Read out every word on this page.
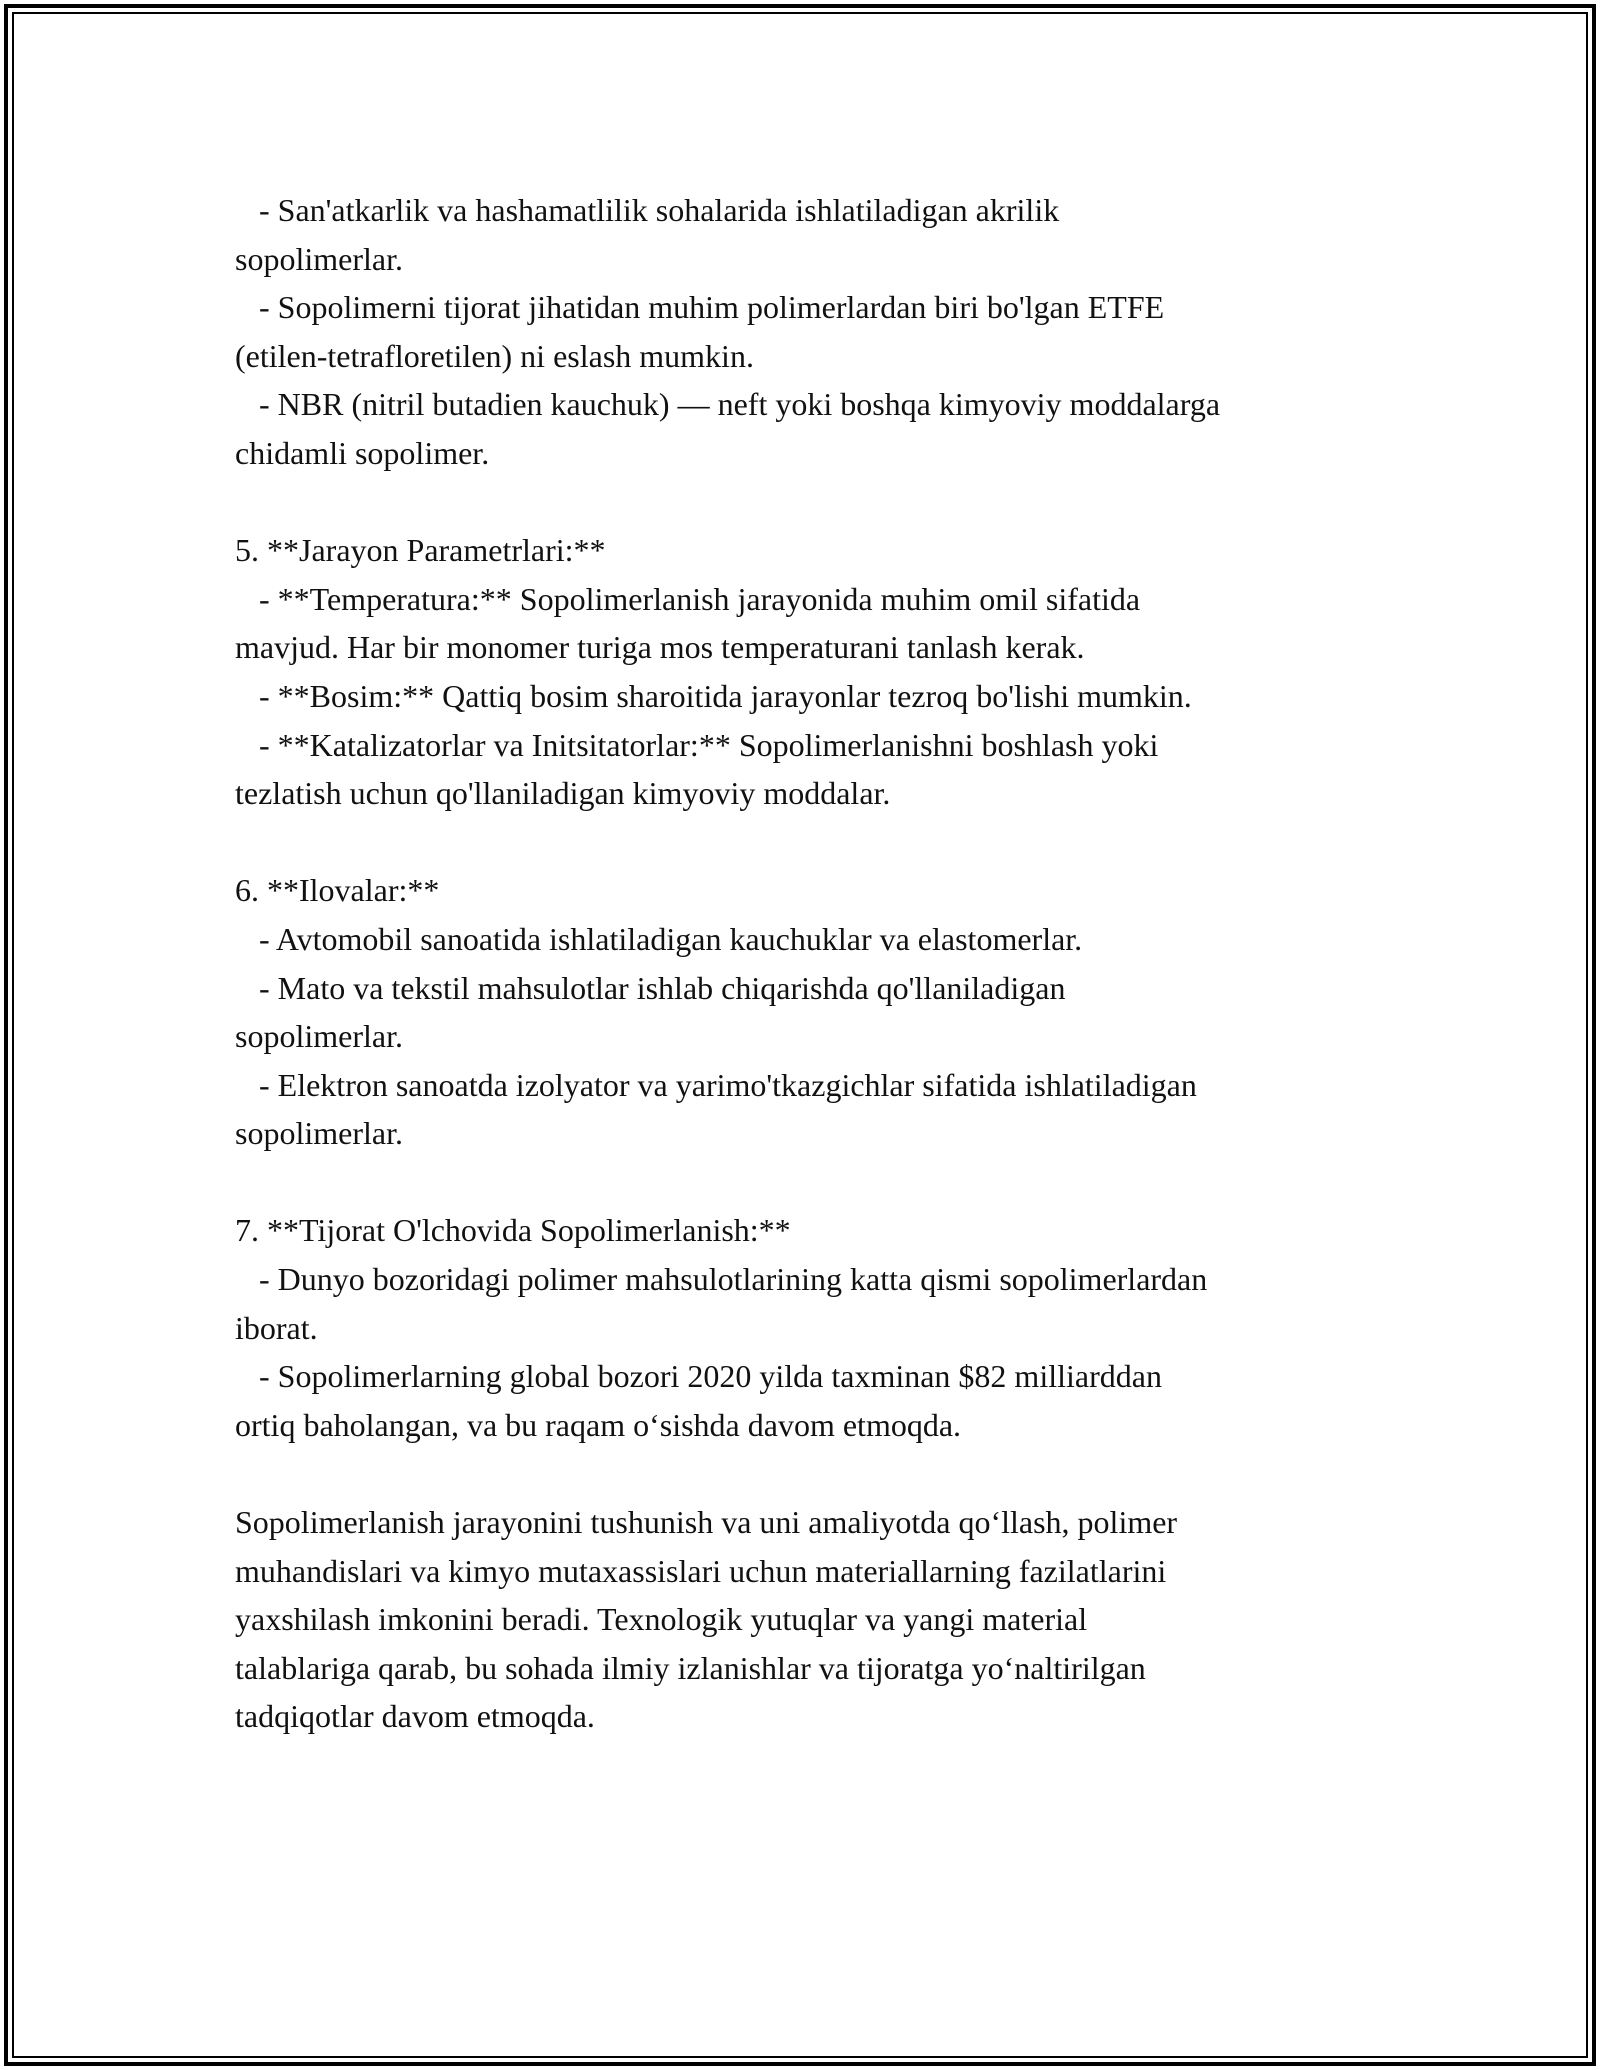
- San'atkarlik va hashamatlilik sohalarida ishlatiladigan akrilik
sopolimerlar.
- Sopolimerni tijorat jihatidan muhim polimerlardan biri bo'lgan ETFE
(etilen-tetrafloretilen) ni eslash mumkin.
- NBR (nitril butadien kauchuk) — neft yoki boshqa kimyoviy moddalarga
chidamli sopolimer.
5. **Jarayon Parametrlari:**
- **Temperatura:** Sopolimerlanish jarayonida muhim omil sifatida
mavjud. Har bir monomer turiga mos temperaturani tanlash kerak.
- **Bosim:** Qattiq bosim sharoitida jarayonlar tezroq bo'lishi mumkin.
- **Katalizatorlar va Initsitatorlar:** Sopolimerlanishni boshlash yoki
tezlatish uchun qo'llaniladigan kimyoviy moddalar.
6. **Ilovalar:**
- Avtomobil sanoatida ishlatiladigan kauchuklar va elastomerlar.
- Mato va tekstil mahsulotlar ishlab chiqarishda qo'llaniladigan
sopolimerlar.
- Elektron sanoatda izolyator va yarimo'tkazgichlar sifatida ishlatiladigan
sopolimerlar.
7. **Tijorat O'lchovida Sopolimerlanish:**
- Dunyo bozoridagi polimer mahsulotlarining katta qismi sopolimerlardan
iborat.
- Sopolimerlarning global bozori 2020 yilda taxminan $82 milliarddan
ortiq baholangan, va bu raqam oʻsishda davom etmoqda.
Sopolimerlanish jarayonini tushunish va uni amaliyotda qoʻllash, polimer
muhandislari va kimyo mutaxassislari uchun materiallarning fazilatlarini
yaxshilash imkonini beradi. Texnologik yutuqlar va yangi material
talablariga qarab, bu sohada ilmiy izlanishlar va tijoratga yoʻnaltirilgan
tadqiqotlar davom etmoqda.
